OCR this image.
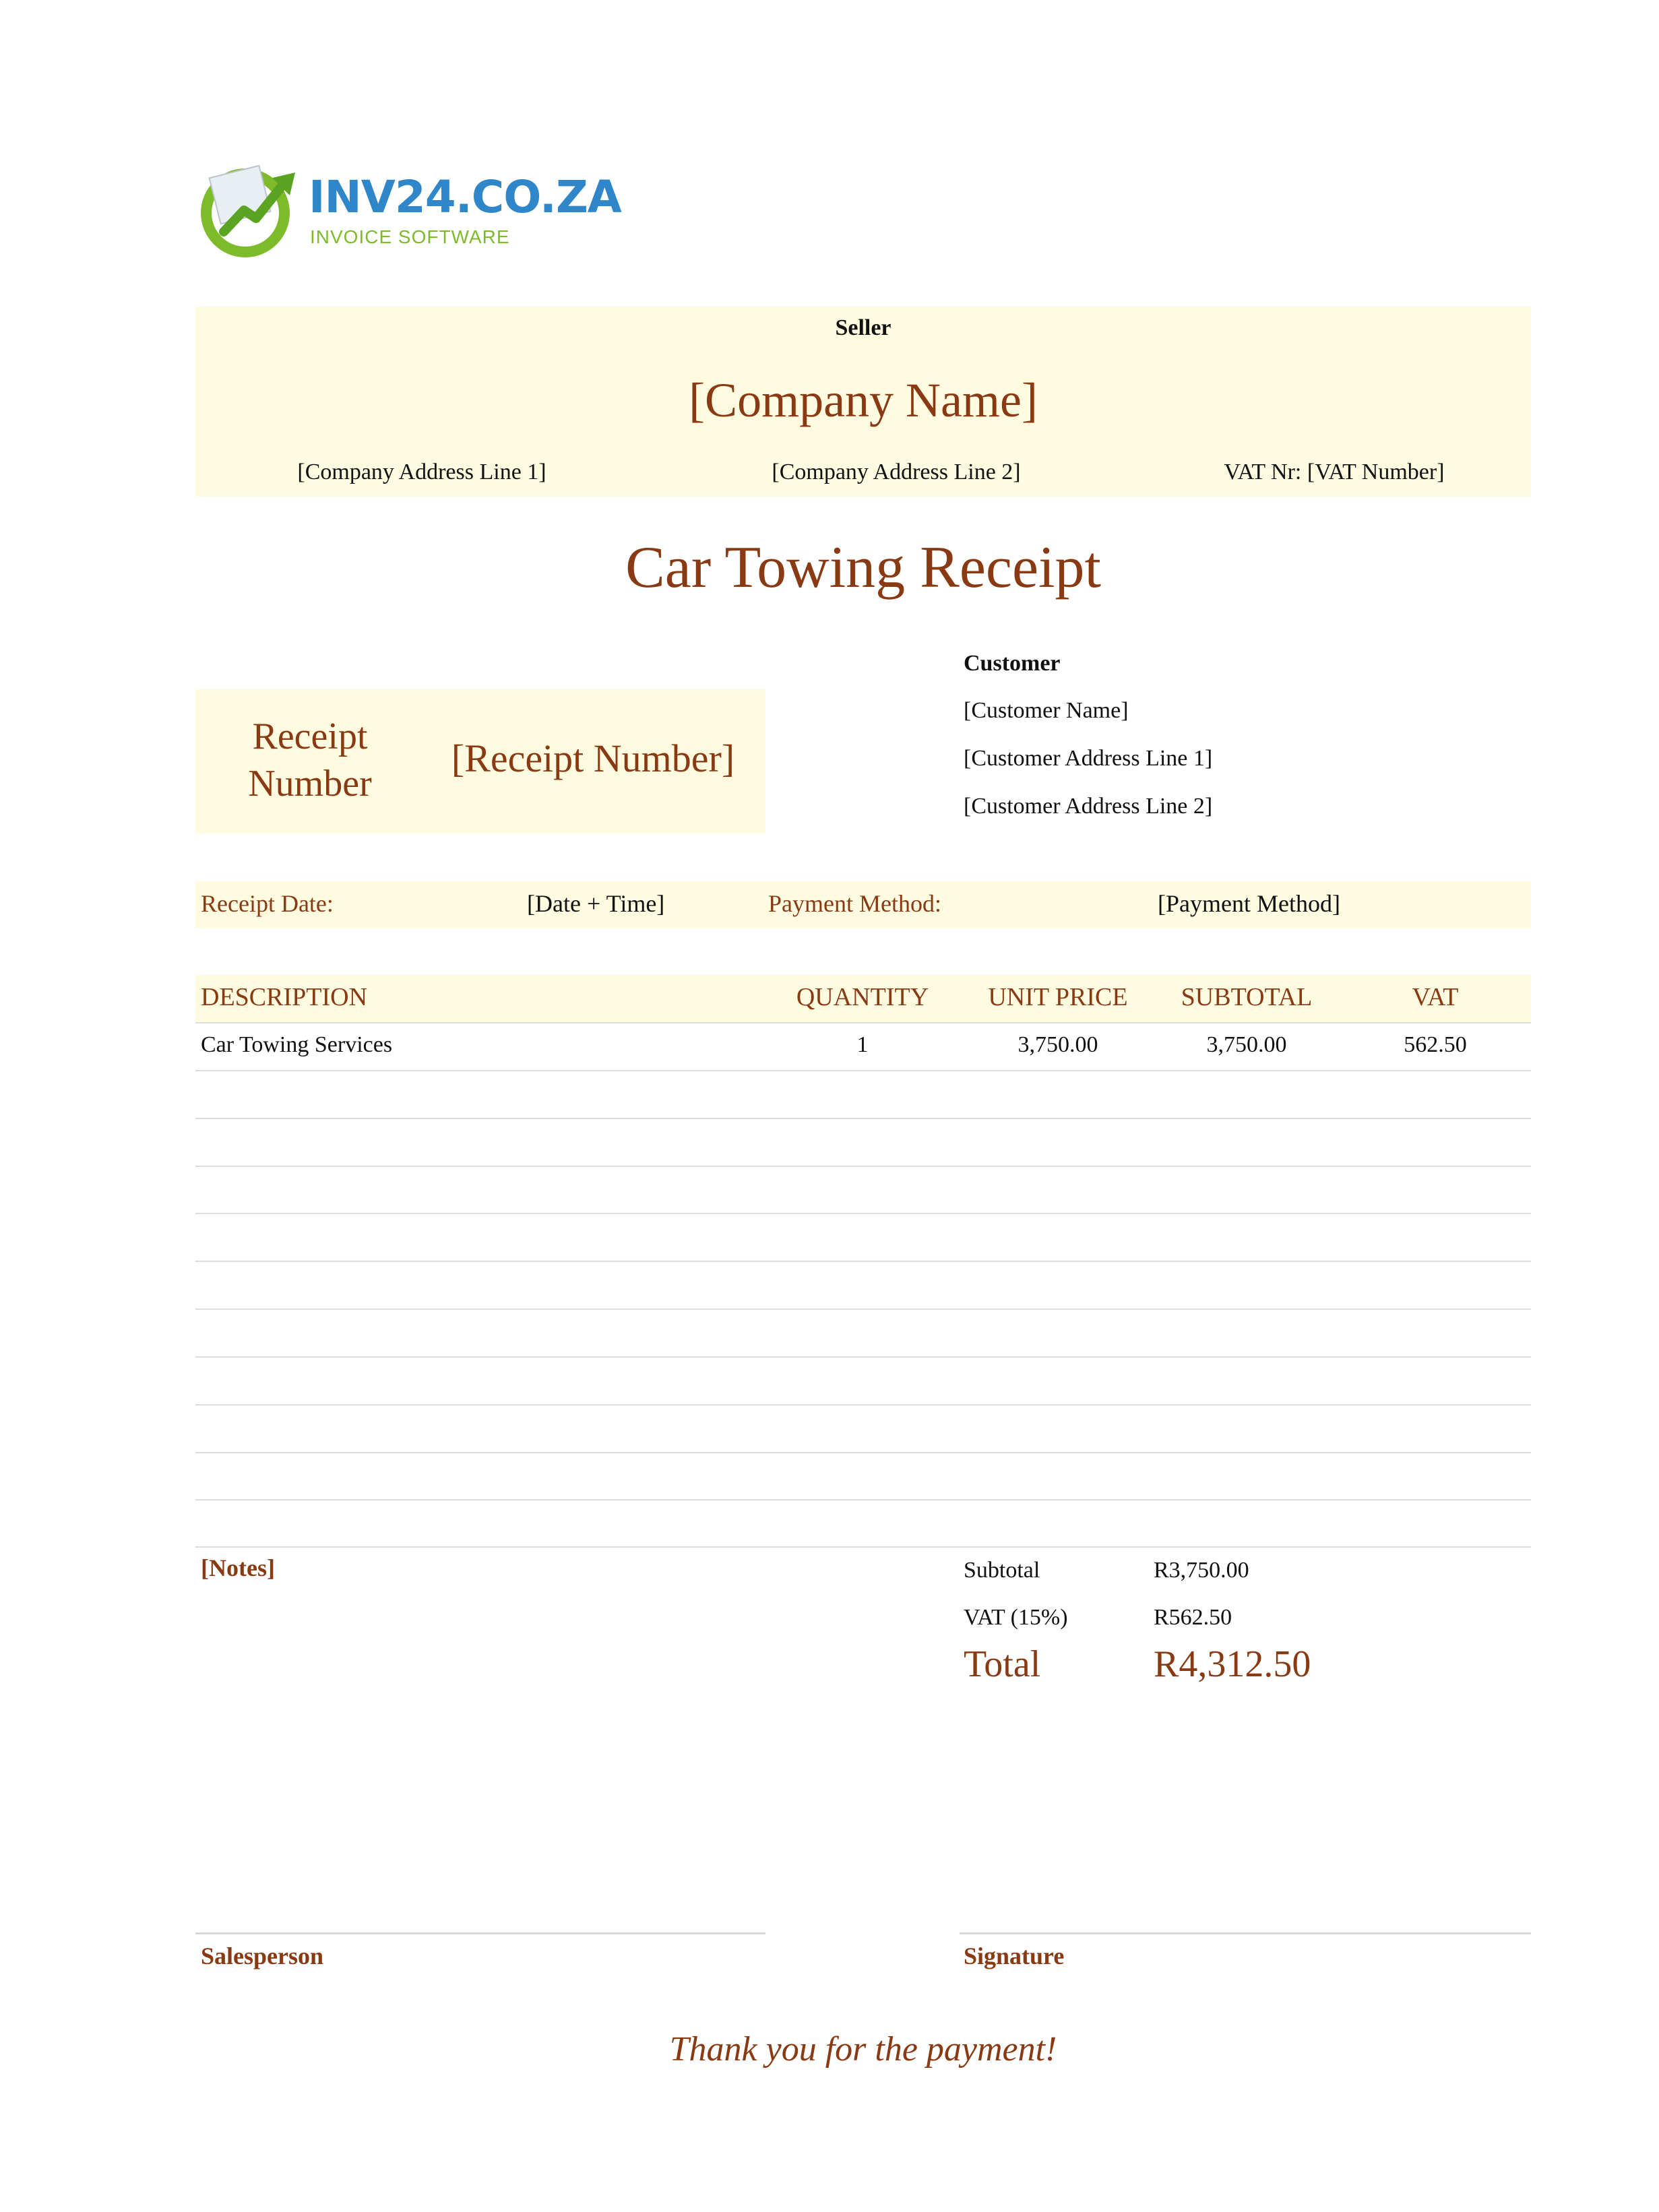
INV24.CO.ZA
INVOICE SOFTWARE
Seller
[Company Name]
[Company Address Line 1]	[Company Address Line 2]	VAT Nr: [VAT Number]
Car Towing Receipt
Receipt
Number
[Receipt Number]
Customer
[Customer Name]
[Customer Address Line 1]
[Customer Address Line 2]
Receipt Date:	[Date + Time]	Payment Method:	[Payment Method]
DESCRIPTION	QUANTITY	UNIT PRICE	SUBTOTAL	VAT
Car Towing Services	1	3,750.00	3,750.00	562.50
[Notes]	Subtotal	R3,750.00
VAT (15%)	R562.50
Total	R4,312.50
Salesperson	Signature
Thank you for the payment!
